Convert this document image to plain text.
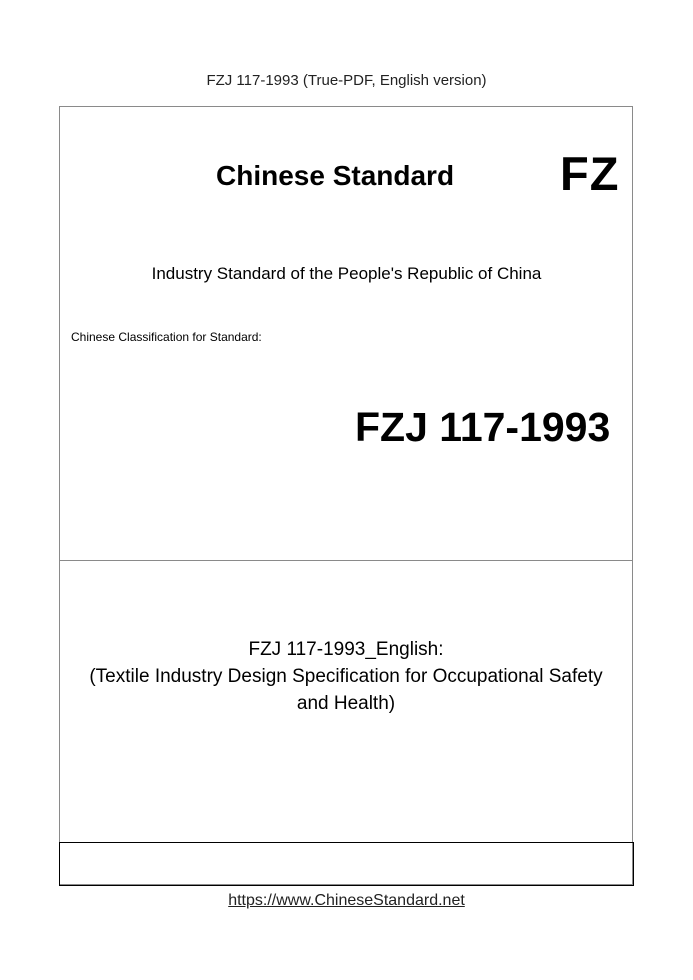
FZJ 117-1993 (True-PDF, English version)
Chinese Standard FZ
Industry Standard of the People's Republic of China
Chinese Classification for Standard:
FZJ 117-1993
FZJ 117-1993_English:
(Textile Industry Design Specification for Occupational Safety
and Health)
https://www.ChineseStandard.net
